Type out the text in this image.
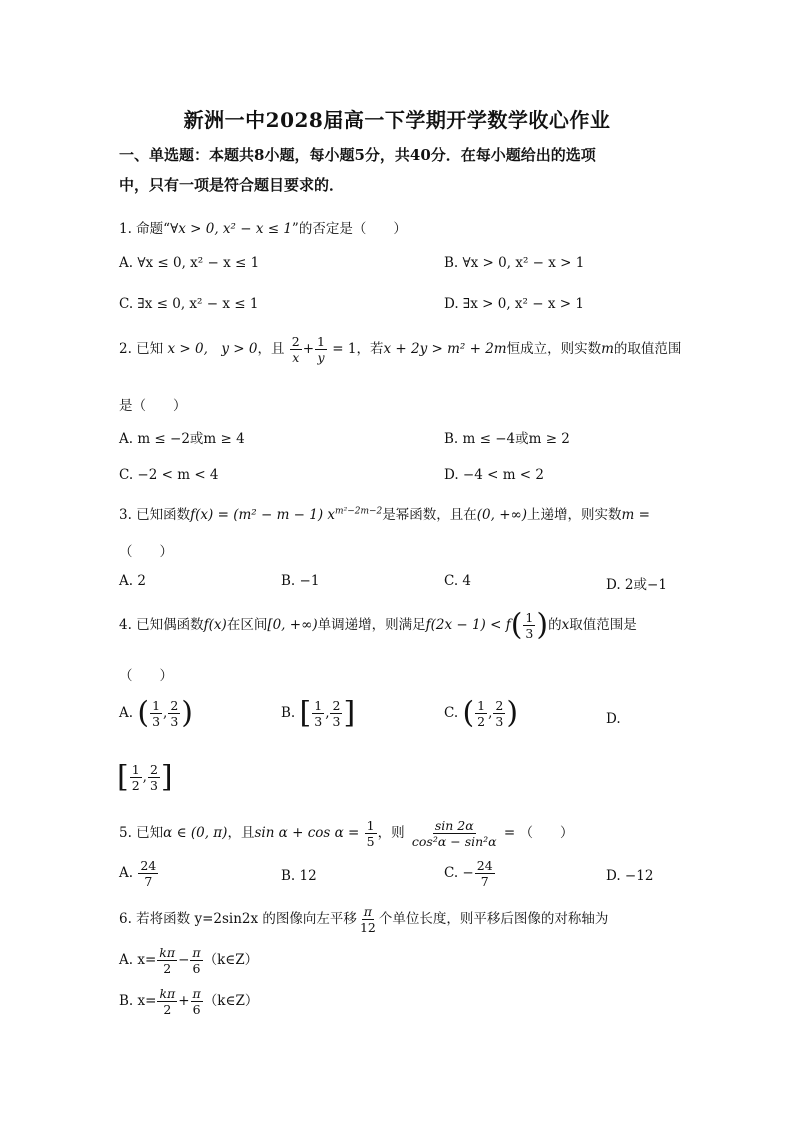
新洲一中2028届高一下学期开学数学收心作业
一、单选题：本题共8小题，每小题5分，共40分．在每小题给出的选项
中，只有一项是符合题目要求的．
1. 命题“∀x > 0, x² − x ≤ 1”的否定是（　　）
A. ∀x ≤ 0, x² − x ≤ 1	B. ∀x > 0, x² − x > 1
C. ∃x ≤ 0, x² − x ≤ 1	D. ∃x > 0, x² − x > 1
2. 已知 x > 0,　y > 0，且 $\frac{2}{x} + \frac{1}{y} = 1$，若x + 2y > m² + 2m恒成立，则实数m的取值范围
是（　　）
A. m ≤ −2或m ≥ 4	B. m ≤ −4或m ≥ 2
C. −2 < m < 4	D. −4 < m < 2
3. 已知函数f(x) = (m² − m − 1) $x^{m^2-2m-2}$是幂函数，且在(0, +∞)上递增，则实数m =
（　　）
A. 2	B. −1	C. 4	D. 2或−1
4. 已知偶函数f(x)在区间[0, +∞)单调递增，则满足$f(2x - 1) < f( \frac{1}{3}$ )的x取值范围是
（　　）
A. ( $\frac{1}{3}$ , $\frac{2}{3}$ )	B. [ $\frac{1}{3}$ , $\frac{2}{3}$ ]	C. ( $\frac{1}{2}$ , $\frac{2}{3}$ )	D.
[ $\frac{1}{2}$ , $\frac{2}{3}$ ]
5. 已知α ∈ (0, π)，且$\sin \alpha + \cos \alpha = \frac{1}{5}$ ，则 $\frac{\sin 2\alpha}{\text{cos²α − sin²α}}$ = （　　）
A. $\frac{24}{7}$	B. 12	C. − $\frac{24}{7}$	D. −12
6. 若将函数 y=2sin2x 的图像向左平移 $\frac{\pi}{12}$ 个单位长度，则平移后图像的对称轴为
A. $x= \frac{k\pi}{2} - \frac{\pi}{6}$ （k∈Z）
B. $x= \frac{k\pi}{2} + \frac{\pi}{6}$ （k∈Z）
